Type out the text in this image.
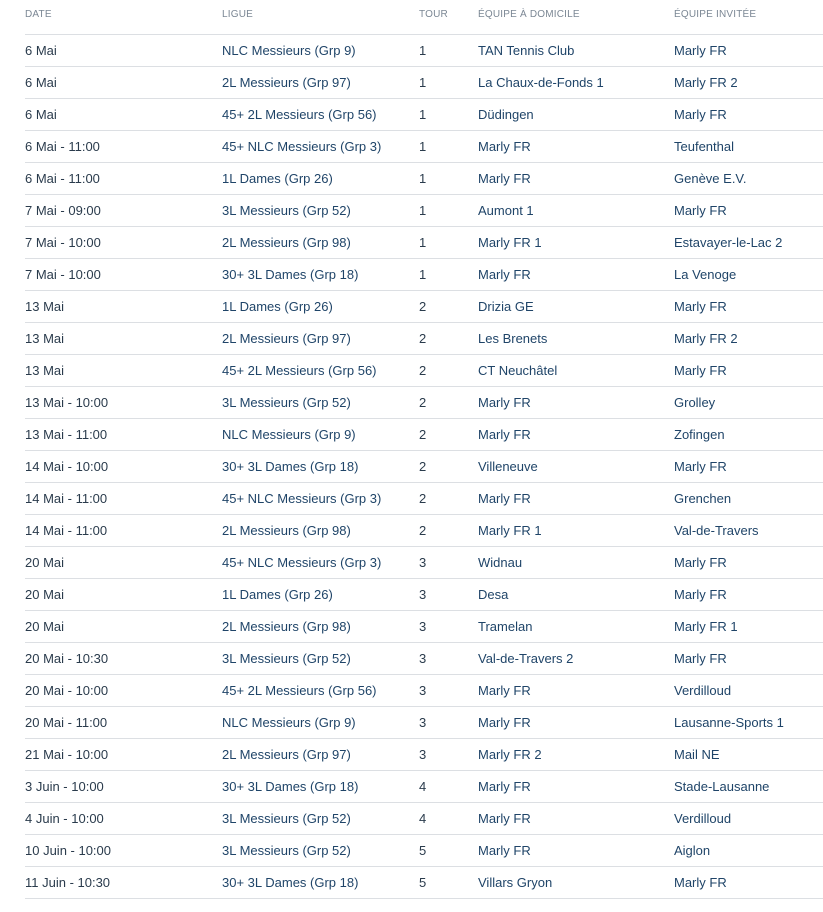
DATE	LIGUE	TOUR	ÉQUIPE À DOMICILE	ÉQUIPE INVITÉE
6 Mai	NLC Messieurs (Grp 9)	1	TAN Tennis Club	Marly FR
6 Mai	2L Messieurs (Grp 97)	1	La Chaux-de-Fonds 1	Marly FR 2
6 Mai	45+ 2L Messieurs (Grp 56)	1	Düdingen	Marly FR
6 Mai - 11:00	45+ NLC Messieurs (Grp 3)	1	Marly FR	Teufenthal
6 Mai - 11:00	1L Dames (Grp 26)	1	Marly FR	Genève E.V.
7 Mai - 09:00	3L Messieurs (Grp 52)	1	Aumont 1	Marly FR
7 Mai - 10:00	2L Messieurs (Grp 98)	1	Marly FR 1	Estavayer-le-Lac 2
7 Mai - 10:00	30+ 3L Dames (Grp 18)	1	Marly FR	La Venoge
13 Mai	1L Dames (Grp 26)	2	Drizia GE	Marly FR
13 Mai	2L Messieurs (Grp 97)	2	Les Brenets	Marly FR 2
13 Mai	45+ 2L Messieurs (Grp 56)	2	CT Neuchâtel	Marly FR
13 Mai - 10:00	3L Messieurs (Grp 52)	2	Marly FR	Grolley
13 Mai - 11:00	NLC Messieurs (Grp 9)	2	Marly FR	Zofingen
14 Mai - 10:00	30+ 3L Dames (Grp 18)	2	Villeneuve	Marly FR
14 Mai - 11:00	45+ NLC Messieurs (Grp 3)	2	Marly FR	Grenchen
14 Mai - 11:00	2L Messieurs (Grp 98)	2	Marly FR 1	Val-de-Travers
20 Mai	45+ NLC Messieurs (Grp 3)	3	Widnau	Marly FR
20 Mai	1L Dames (Grp 26)	3	Desa	Marly FR
20 Mai	2L Messieurs (Grp 98)	3	Tramelan	Marly FR 1
20 Mai - 10:30	3L Messieurs (Grp 52)	3	Val-de-Travers 2	Marly FR
20 Mai - 10:00	45+ 2L Messieurs (Grp 56)	3	Marly FR	Verdilloud
20 Mai - 11:00	NLC Messieurs (Grp 9)	3	Marly FR	Lausanne-Sports 1
21 Mai - 10:00	2L Messieurs (Grp 97)	3	Marly FR 2	Mail NE
3 Juin - 10:00	30+ 3L Dames (Grp 18)	4	Marly FR	Stade-Lausanne
4 Juin - 10:00	3L Messieurs (Grp 52)	4	Marly FR	Verdilloud
10 Juin - 10:00	3L Messieurs (Grp 52)	5	Marly FR	Aiglon
11 Juin - 10:30	30+ 3L Dames (Grp 18)	5	Villars Gryon	Marly FR
